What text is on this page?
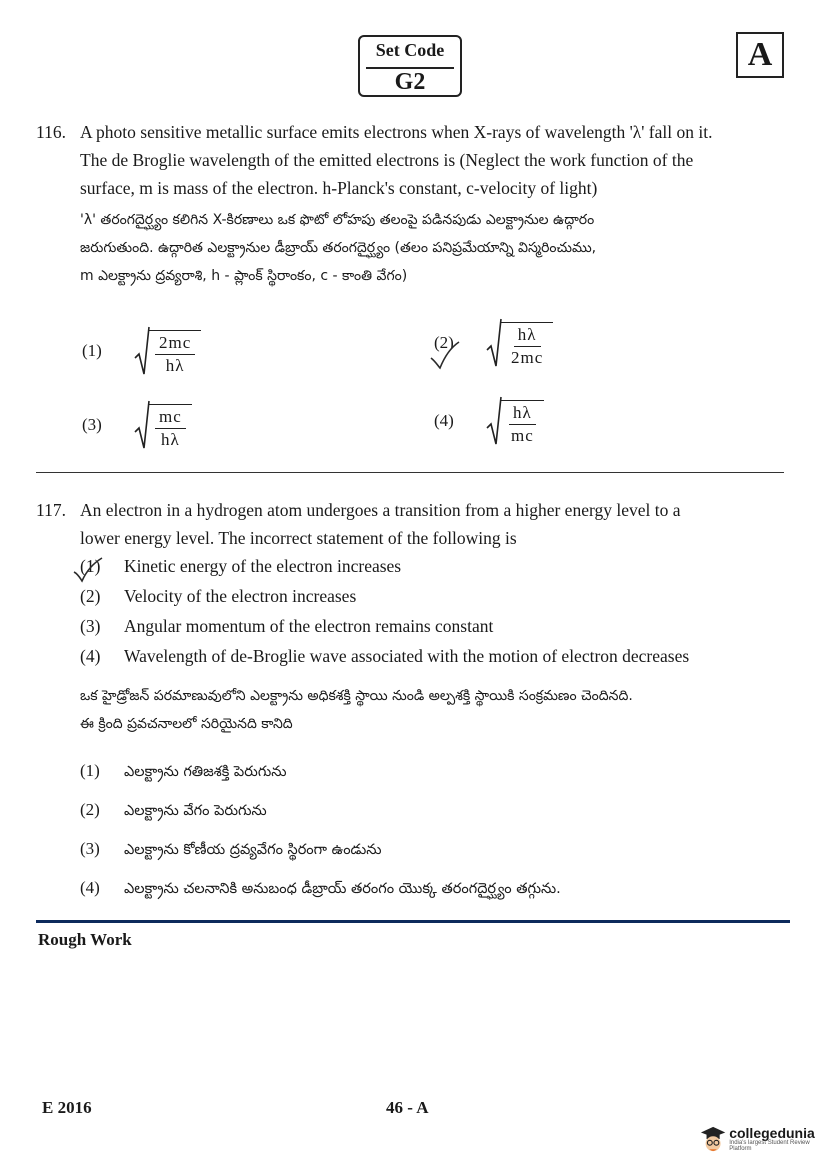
Set Code
G2
A
116. A photo sensitive metallic surface emits electrons when X-rays of wavelength 'λ' fall on it.
The de Broglie wavelength of the emitted electrons is (Neglect the work function of the
surface, m is mass of the electron. h-Planck's constant, c-velocity of light)
'λ' తరంగదైర్ఘ్యం కలిగిన X-కిరణాలు ఒక ఫొటో లోహపు తలంపై పడినపుడు ఎలక్ట్రానుల ఉద్గారం
జరుగుతుంది. ఉద్గారిత ఎలక్ట్రానుల డీబ్రాయ్ తరంగదైర్ఘ్యం (తలం పనిప్రమేయాన్ని విస్మరించుము,
m ఎలక్ట్రాను ద్రవ్యరాశి, h - ప్లాంక్ స్థిరాంకం, c - కాంతి వేగం)
(1)	$\frac{2mc}{h\lambda}$	(2)	$\frac{h\lambda}{2mc}$
(3)	$\frac{mc}{h\lambda}$	(4)	$\frac{h\lambda}{mc}$
117. An electron in a hydrogen atom undergoes a transition from a higher energy level to a
lower energy level. The incorrect statement of the following is
(1) Kinetic energy of the electron increases
(2) Velocity of the electron increases
(3) Angular momentum of the electron remains constant
(4) Wavelength of de-Broglie wave associated with the motion of electron decreases
ఒక హైడ్రోజన్ పరమాణువులోని ఎలక్ట్రాను అధికశక్తి స్థాయి నుండి అల్పశక్తి స్థాయికి సంక్రమణం చెందినది.
ఈ క్రింది ప్రవచనాలలో సరియైనది కానిది
(1) ఎలక్ట్రాను గతిజశక్తి పెరుగును
(2) ఎలక్ట్రాను వేగం పెరుగును
(3) ఎలక్ట్రాను కోణీయ ద్రవ్యవేగం స్థిరంగా ఉండును
(4) ఎలక్ట్రాను చలనానికి అనుబంధ డీబ్రాయ్ తరంగం యొక్క తరంగదైర్ఘ్యం తగ్గును.
Rough Work
E 2016	46 - A
collegedunia
India's largest Student Review Platform
